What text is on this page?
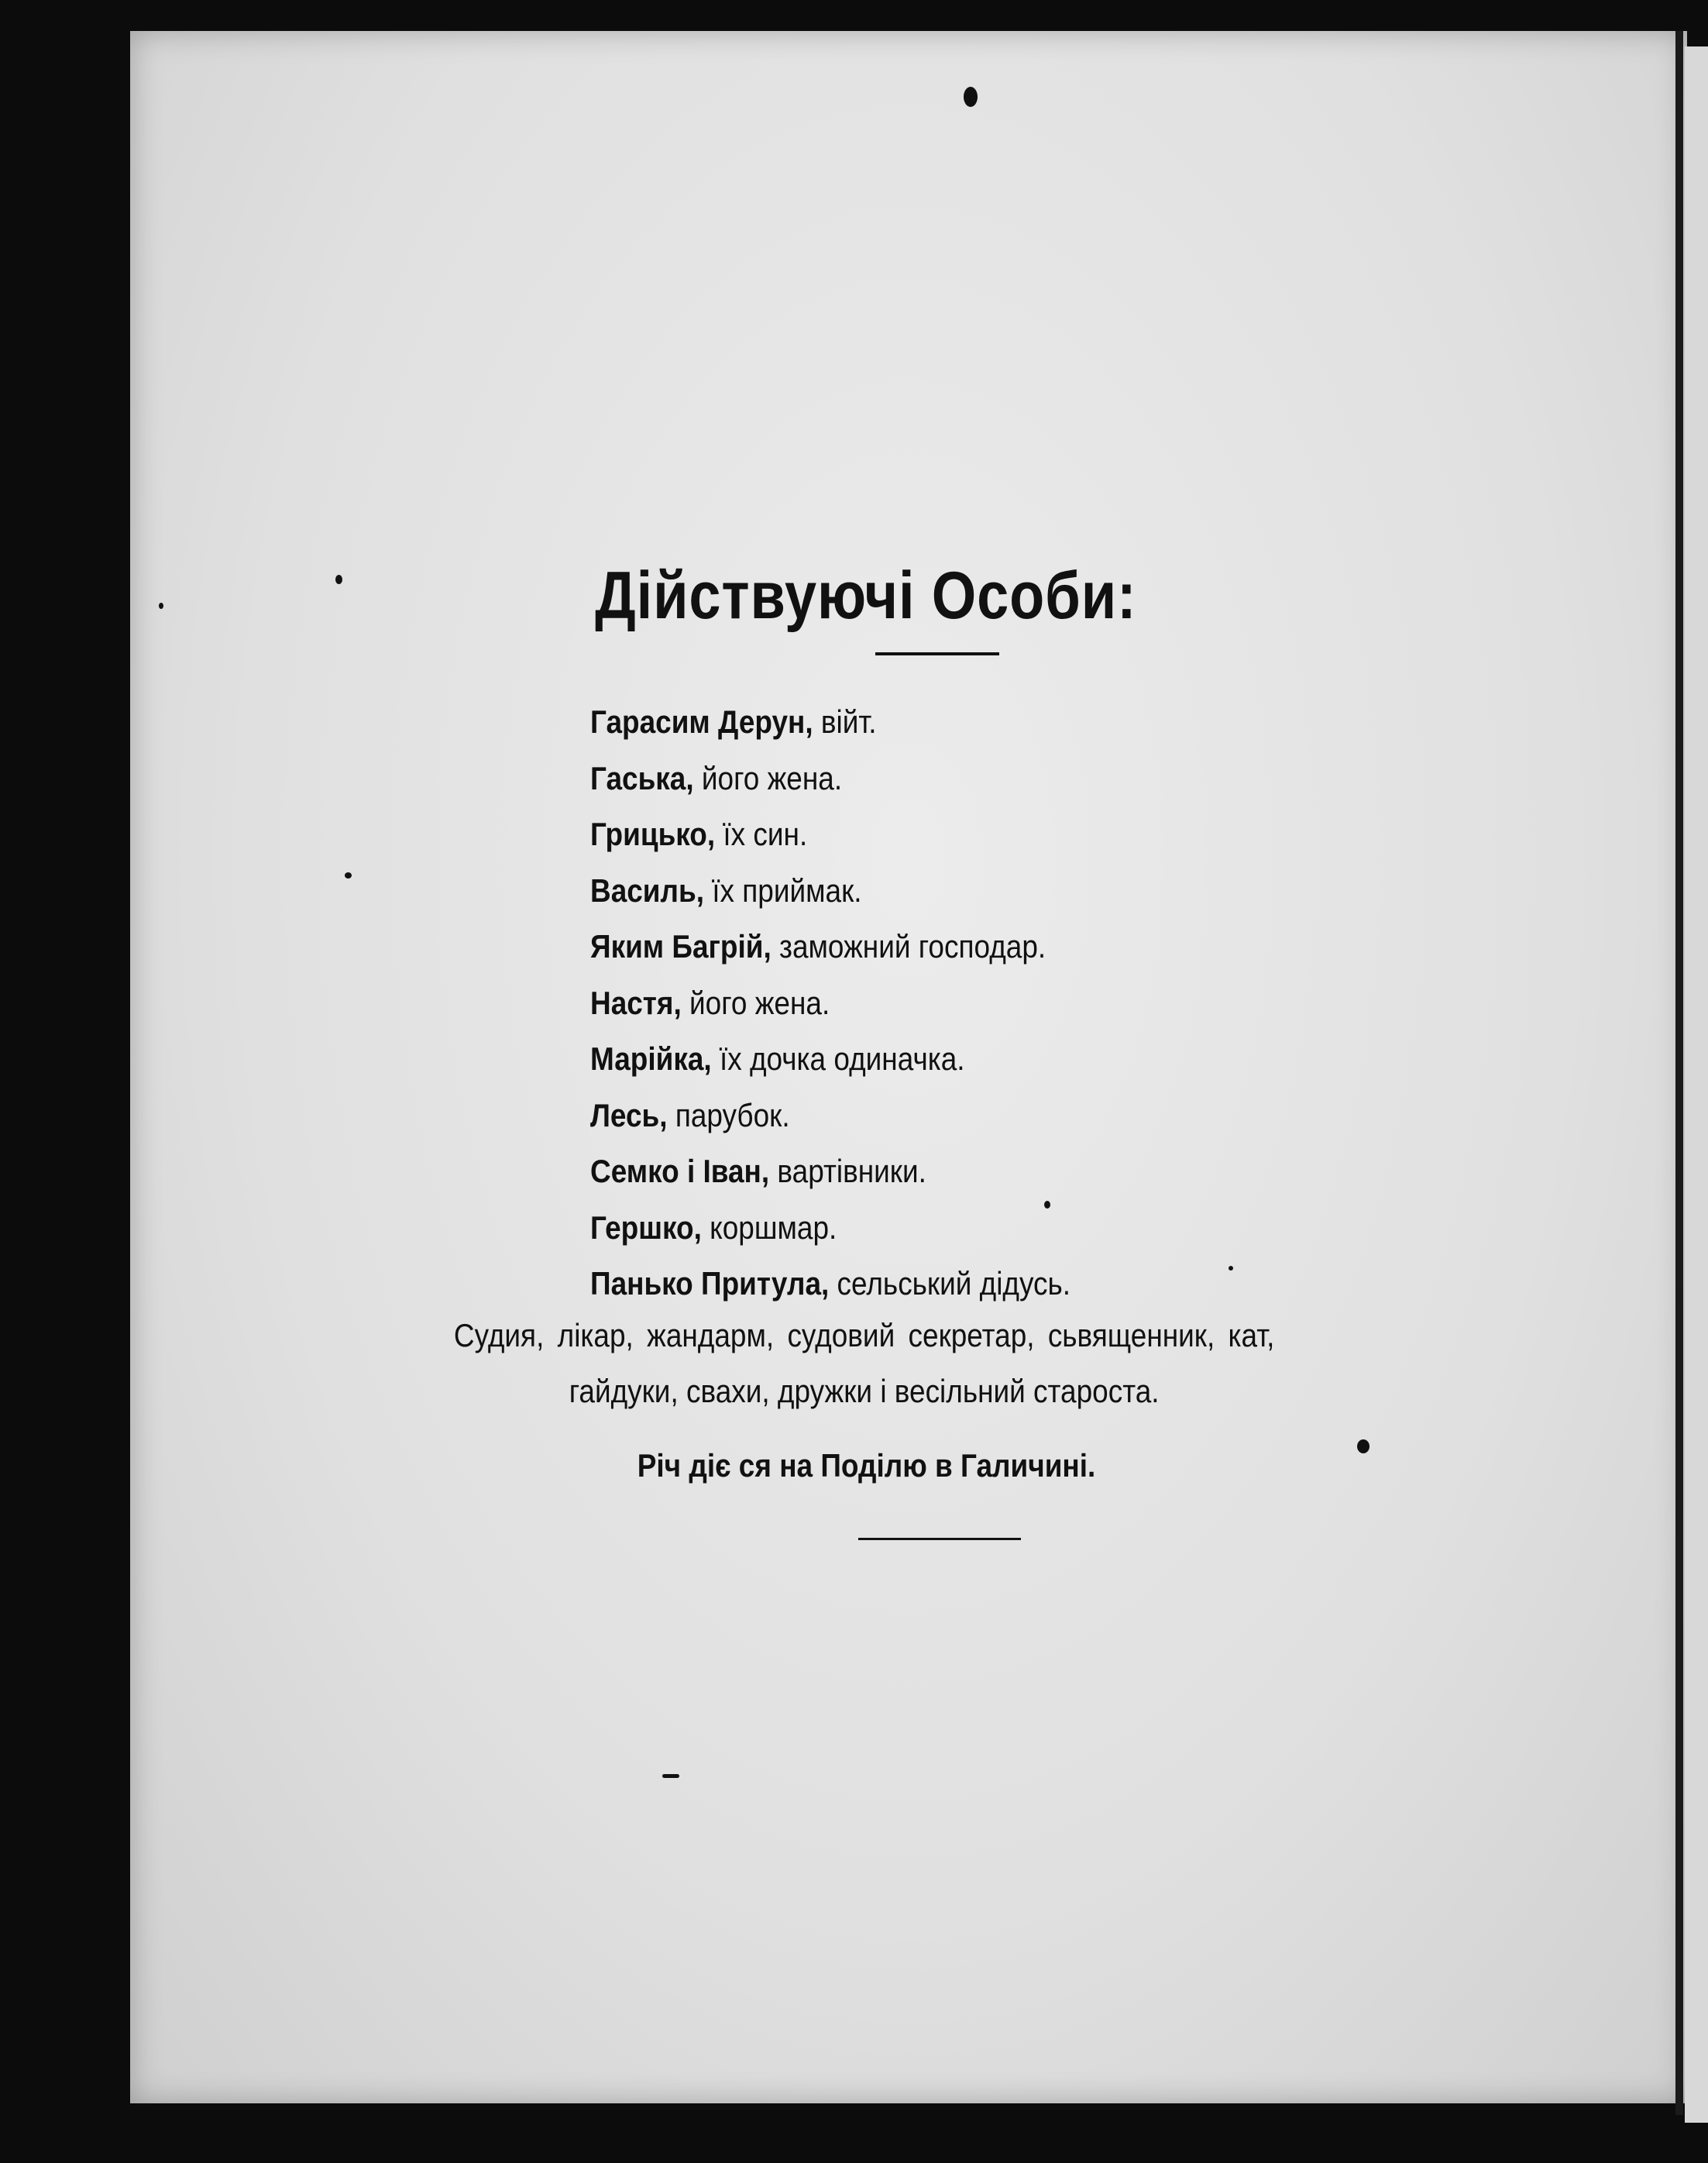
Дійствуючі Особи:
Гарасим Дерун, війт.
Гаська, його жена.
Грицько, їх син.
Василь, їх приймак.
Яким Багрій, заможний господар.
Настя, його жена.
Марійка, їх дочка одиначка.
Лесь, парубок.
Семко і Іван, вартівники.
Гершко, коршмар.
Панько Притула, сельський дідусь.
Судия, лікар, жандарм, судовий секретар, сьвященник, кат,
гайдуки, свахи, дружки і весільний староста.
Річ діє ся на Поділю в Галичині.
